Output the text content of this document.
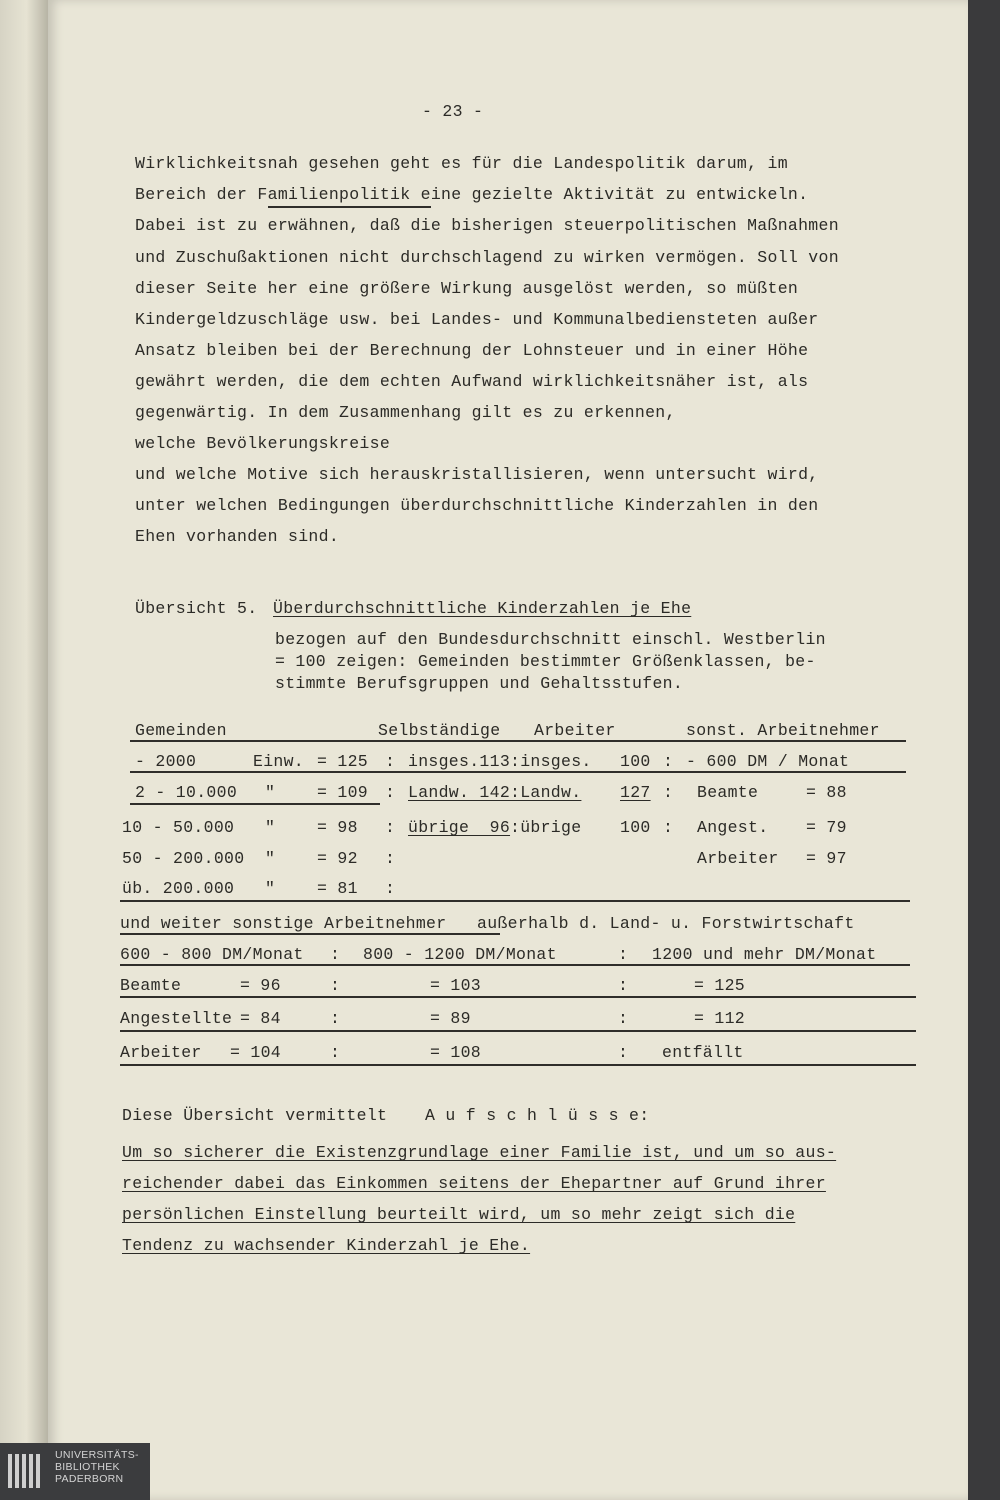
- 23 -
Wirklichkeitsnah gesehen geht es für die Landespolitik darum, im
Bereich der Familienpolitik eine gezielte Aktivität zu entwickeln.
Dabei ist zu erwähnen, daß die bisherigen steuerpolitischen Maßnahmen
und Zuschußaktionen nicht durchschlagend zu wirken vermögen. Soll von
dieser Seite her eine größere Wirkung ausgelöst werden, so müßten
Kindergeldzuschläge usw. bei Landes- und Kommunalbediensteten außer
Ansatz bleiben bei der Berechnung der Lohnsteuer und in einer Höhe
gewährt werden, die dem echten Aufwand wirklichkeitsnäher ist, als
gegenwärtig. In dem Zusammenhang gilt es zu erkennen,
welche Bevölkerungskreise
und welche Motive sich herauskristallisieren, wenn untersucht wird,
unter welchen Bedingungen überdurchschnittliche Kinderzahlen in den
Ehen vorhanden sind.
Übersicht 5. Überdurchschnittliche Kinderzahlen je Ehe
bezogen auf den Bundesdurchschnitt einschl. Westberlin
= 100 zeigen: Gemeinden bestimmter Größenklassen, be-
stimmte Berufsgruppen und Gehaltsstufen.
Gemeinden	Selbständige Arbeiter	sonst. Arbeitnehmer
- 2000	Einw. = 125 : insges.113 :insges. 100 : - 600 DM / Monat
2 - 10.000 "	= 109 : Landw. 142 :Landw. 127 : Beamte	= 88
10 - 50.000 "	= 98 : übrige  96 :übrige 100 : Angest. = 79
50 - 200.000 "	= 92 :	Arbeiter = 97
üb. 200.000 "	= 81 :
und weiter sonstige Arbeitnehmer   außerhalb d. Land- u. Forstwirtschaft
600 - 800 DM/Monat : 800 - 1200 DM/Monat	: 1200 und mehr DM/Monat
Beamte	= 96	:	= 103	:	= 125
Angestellte = 84	:	= 89	:	= 112
Arbeiter = 104	:	= 108	: entfällt
Diese Übersicht vermittelt A u f s c h l ü s s e:
Um so sicherer die Existenzgrundlage einer Familie ist, und um so aus-
reichender dabei das Einkommen seitens der Ehepartner auf Grund ihrer
persönlichen Einstellung beurteilt wird, um so mehr zeigt sich die
Tendenz zu wachsender Kinderzahl je Ehe.
UNIVERSITÄTS-
BIBLIOTHEK
PADERBORN
